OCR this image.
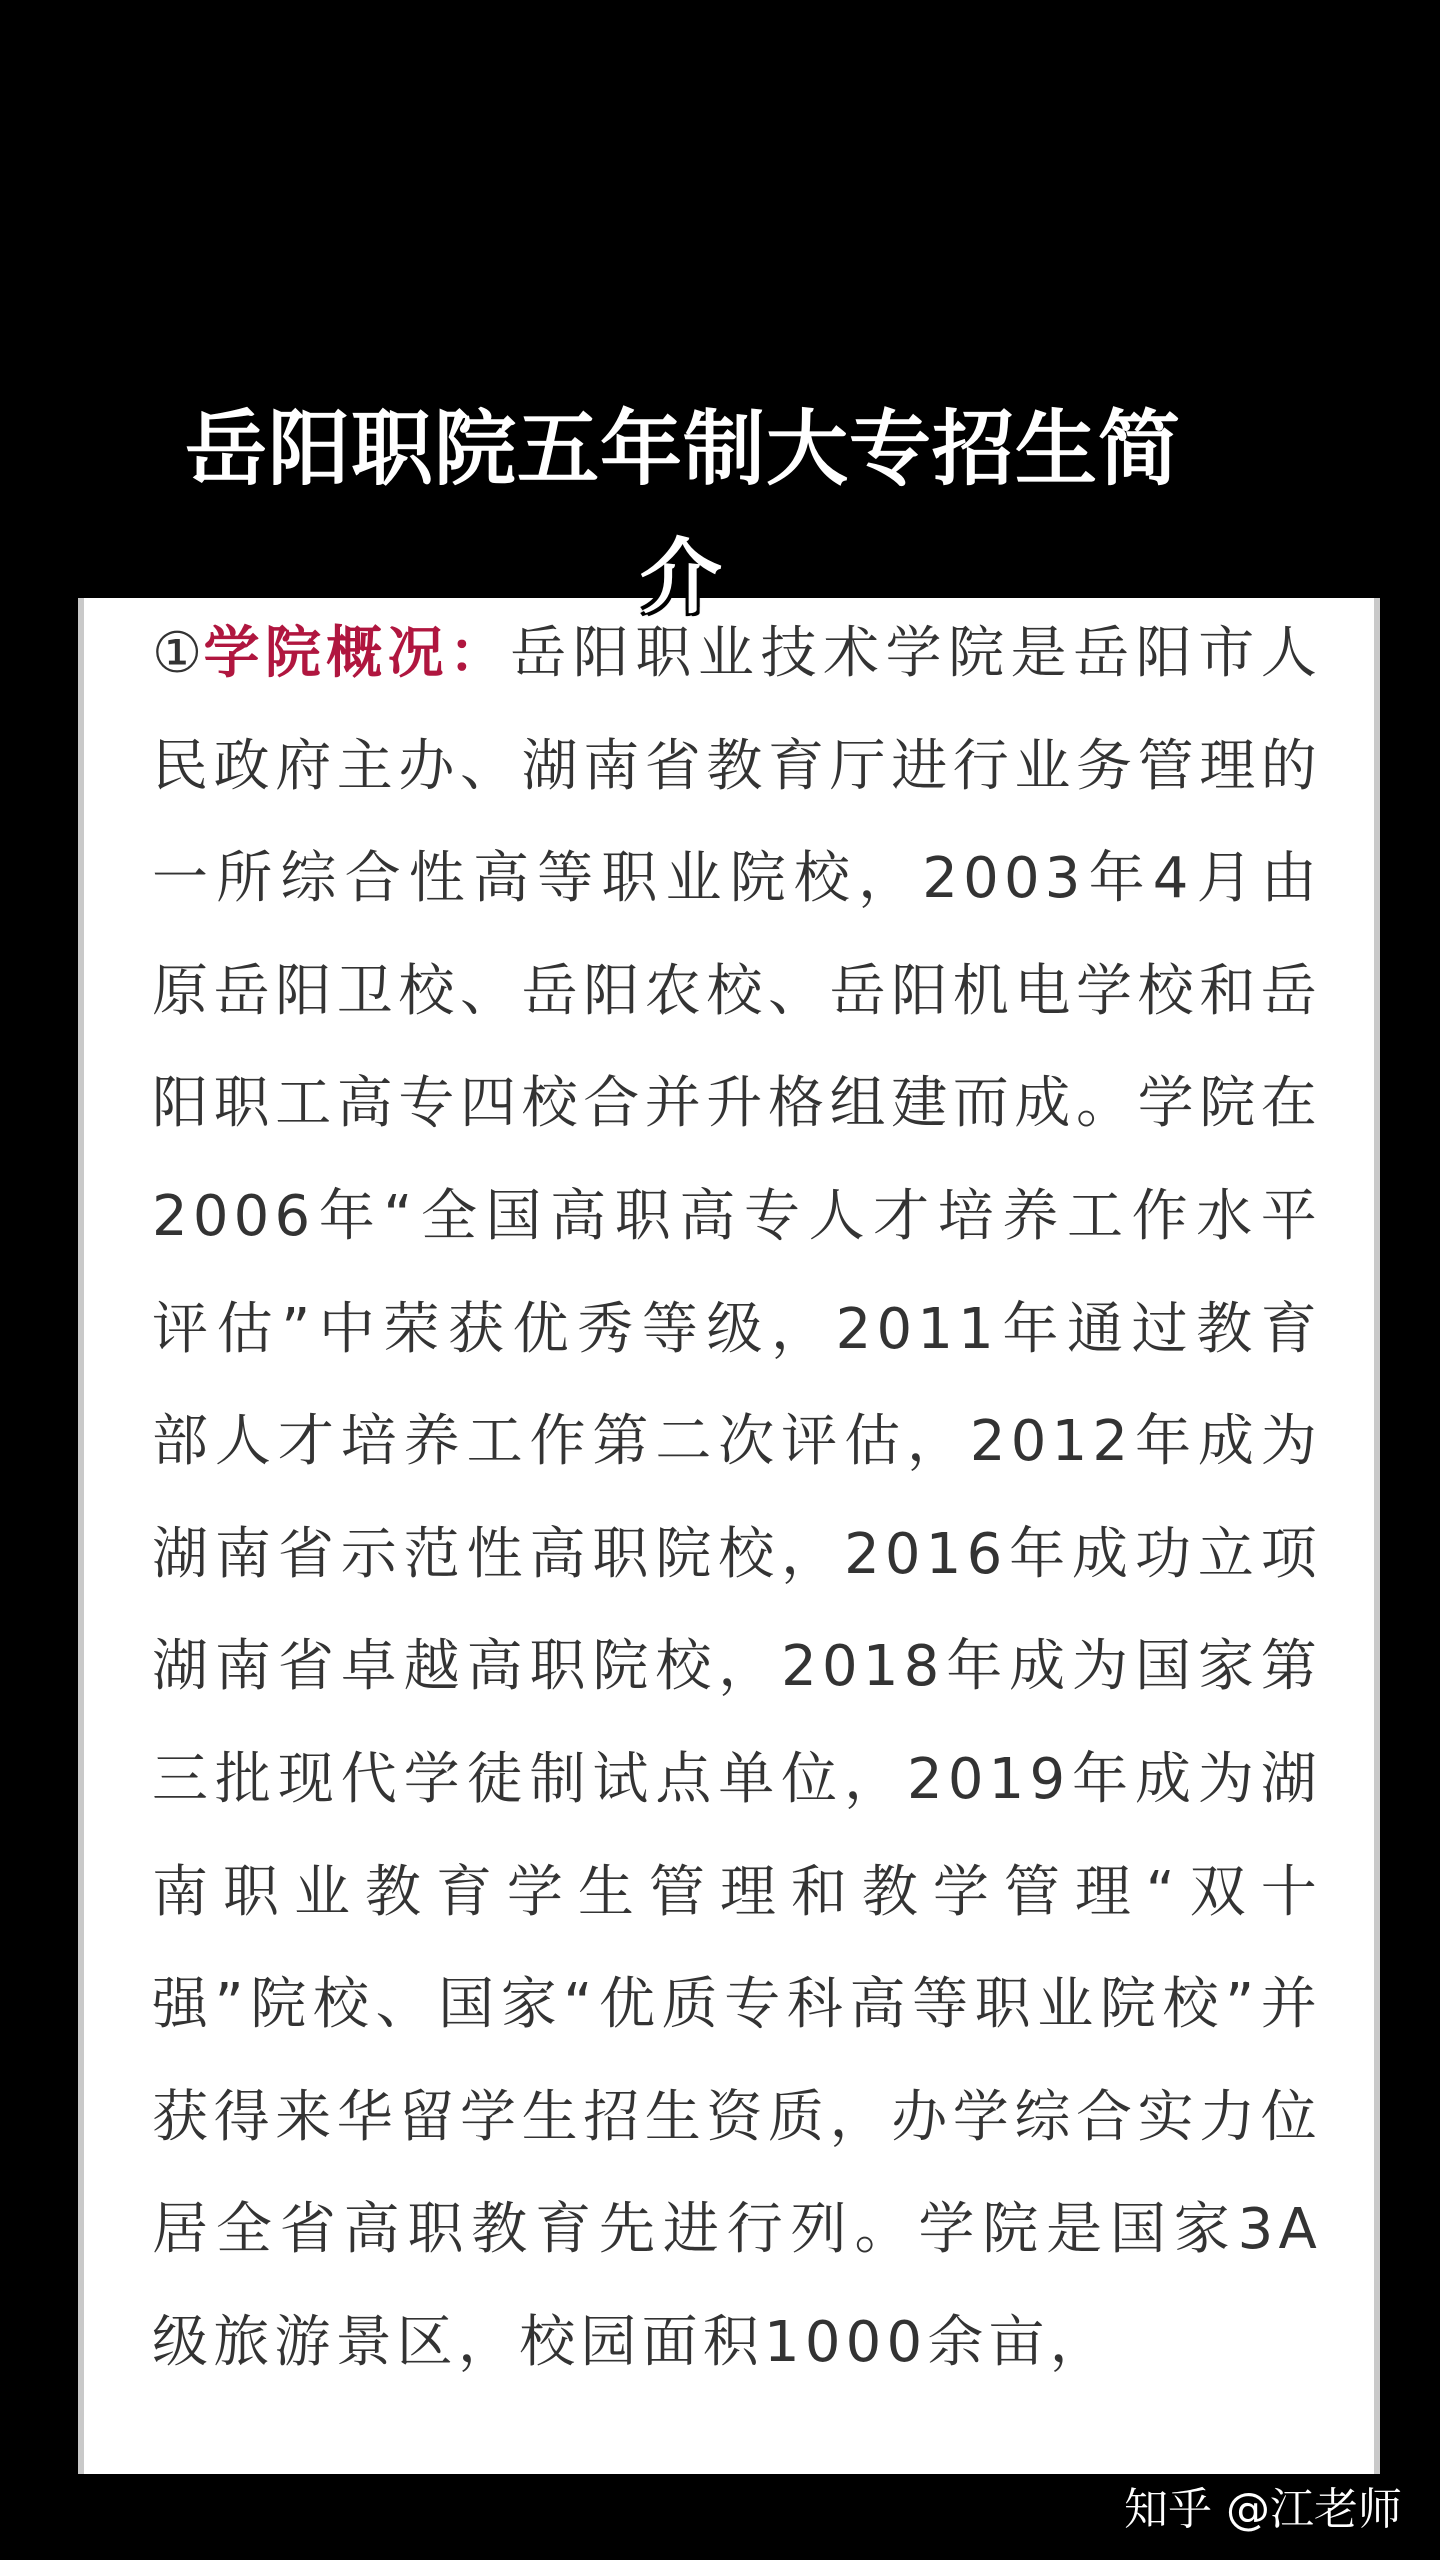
岳阳职院五年制大专招生简
介

①学院概况：岳阳职业技术学院是岳阳市人民政府主办、湖南省教育厅进行业务管理的一所综合性高等职业院校，2003年4月由原岳阳卫校、岳阳农校、岳阳机电学校和岳阳职工高专四校合并升格组建而成。学院在2006年“全国高职高专人才培养工作水平评估”中荣获优秀等级，2011年通过教育部人才培养工作第二次评估，2012年成为湖南省示范性高职院校，2016年成功立项湖南省卓越高职院校，2018年成为国家第三批现代学徒制试点单位，2019年成为湖南职业教育学生管理和教学管理“双十强”院校、国家“优质专科高等职业院校”并获得来华留学生招生资质，办学综合实力位居全省高职教育先进行列。学院是国家3A级旅游景区，校园面积1000余亩，

知乎 @江老师
